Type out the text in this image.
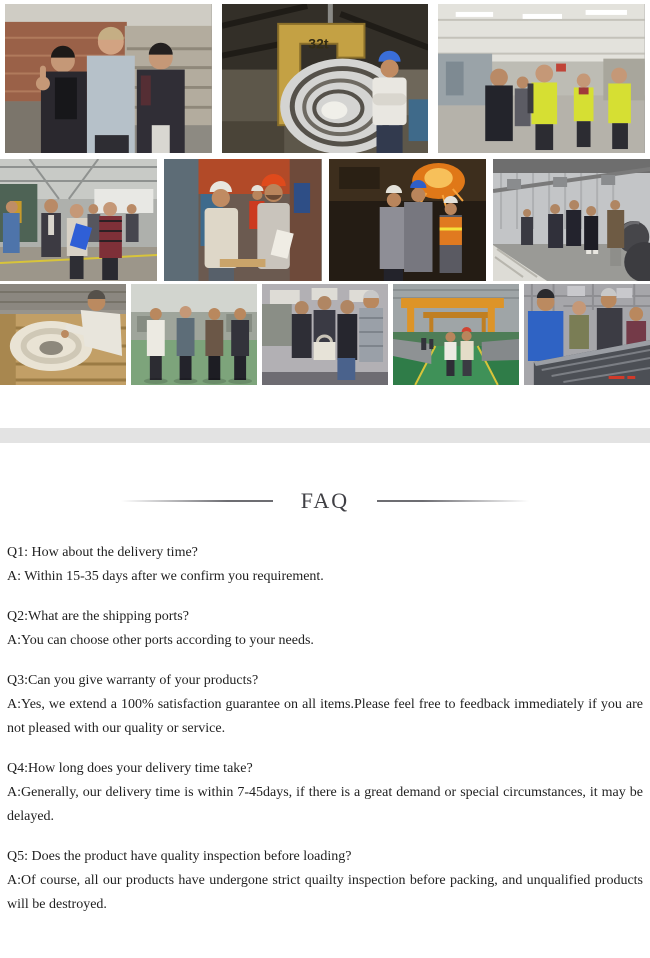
32t
FAQ

Q1: How about the delivery time?

A: Within 15-35 days after we confirm you requirement.

Q2:What are the shipping ports?

A:You can choose other ports according to your needs.

Q3:Can you give warranty of your products?

A:Yes, we extend a 100% satisfaction guarantee on all items.Please feel free to feedback immediately if you are not pleased with our quality or service.

Q4:How long does your delivery time take?

A:Generally, our delivery time is within 7-45days, if there is a great demand or special circumstances, it may be delayed.

Q5: Does the product have quality inspection before loading?

A:Of course, all our products have undergone strict quailty inspection before packing, and unqualified products will be destroyed.
